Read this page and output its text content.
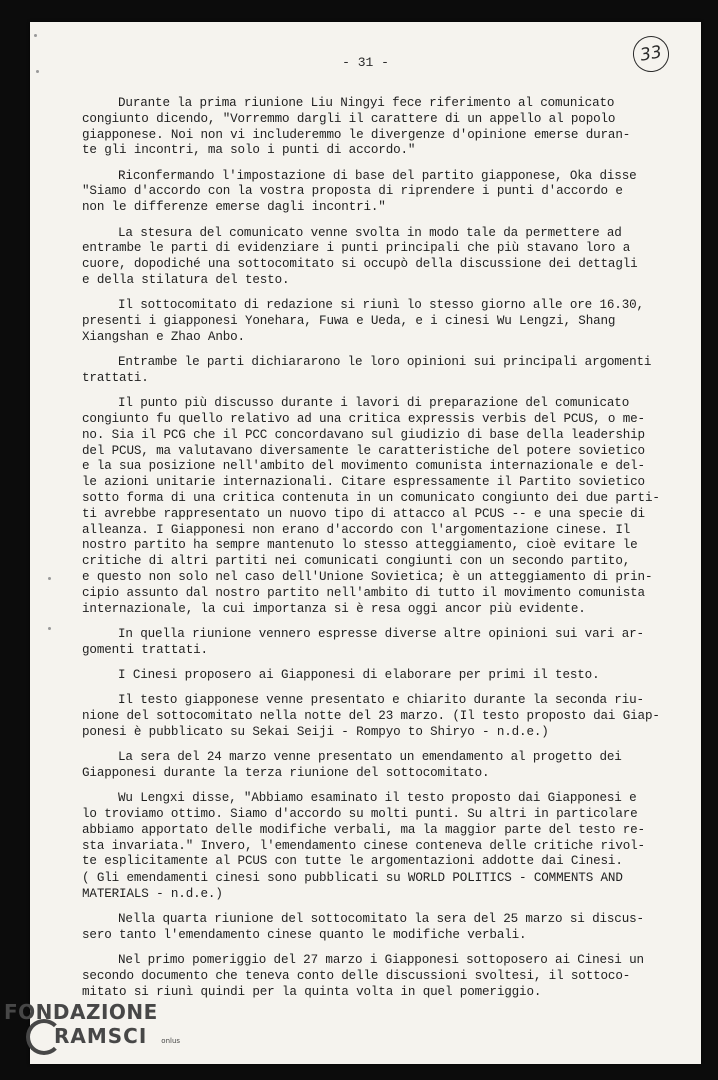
- 31 -	33

Durante la prima riunione Liu Ningyi fece riferimento al comunicato
congiunto dicendo, "Vorremmo dargli il carattere di un appello al popolo
giapponese. Noi non vi includeremmo le divergenze d'opinione emerse duran-
te gli incontri, ma solo i punti di accordo."

Riconfermando l'impostazione di base del partito giapponese, Oka disse
"Siamo d'accordo con la vostra proposta di riprendere i punti d'accordo e
non le differenze emerse dagli incontri."

La stesura del comunicato venne svolta in modo tale da permettere ad
entrambe le parti di evidenziare i punti principali che più stavano loro a
cuore, dopodiché una sottocomitato si occupò della discussione dei dettagli
e della stilatura del testo.

Il sottocomitato di redazione si riunì lo stesso giorno alle ore 16.30,
presenti i giapponesi Yonehara, Fuwa e Ueda, e i cinesi Wu Lengzi, Shang
Xiangshan e Zhao Anbo.

Entrambe le parti dichiararono le loro opinioni sui principali argomenti
trattati.

Il punto più discusso durante i lavori di preparazione del comunicato
congiunto fu quello relativo ad una critica expressis verbis del PCUS, o me-
no. Sia il PCG che il PCC concordavano sul giudizio di base della leadership
del PCUS, ma valutavano diversamente le caratteristiche del potere sovietico
e la sua posizione nell'ambito del movimento comunista internazionale e del-
le azioni unitarie internazionali. Citare espressamente il Partito sovietico
sotto forma di una critica contenuta in un comunicato congiunto dei due parti-
ti avrebbe rappresentato un nuovo tipo di attacco al PCUS -- e una specie di
alleanza. I Giapponesi non erano d'accordo con l'argomentazione cinese. Il
nostro partito ha sempre mantenuto lo stesso atteggiamento, cioè evitare le
critiche di altri partiti nei comunicati congiunti con un secondo partito,
e questo non solo nel caso dell'Unione Sovietica; è un atteggiamento di prin-
cipio assunto dal nostro partito nell'ambito di tutto il movimento comunista
internazionale, la cui importanza si è resa oggi ancor più evidente.

In quella riunione vennero espresse diverse altre opinioni sui vari ar-
gomenti trattati.

I Cinesi proposero ai Giapponesi di elaborare per primi il testo.

Il testo giapponese venne presentato e chiarito durante la seconda riu-
nione del sottocomitato nella notte del 23 marzo. (Il testo proposto dai Giap-
ponesi è pubblicato su Sekai Seiji - Rompyo to Shiryo - n.d.e.)

La sera del 24 marzo venne presentato un emendamento al progetto dei
Giapponesi durante la terza riunione del sottocomitato.

Wu Lengxi disse, "Abbiamo esaminato il testo proposto dai Giapponesi e
lo troviamo ottimo. Siamo d'accordo su molti punti. Su altri in particolare
abbiamo apportato delle modifiche verbali, ma la maggior parte del testo re-
sta invariata." Invero, l'emendamento cinese conteneva delle critiche rivol-
te esplicitamente al PCUS con tutte le argomentazioni addotte dai Cinesi.

( Gli emendamenti cinesi sono pubblicati su WORLD POLITICS - COMMENTS AND
MATERIALS - n.d.e.)

Nella quarta riunione del sottocomitato la sera del 25 marzo si discus-
sero tanto l'emendamento cinese quanto le modifiche verbali.

Nel primo pomeriggio del 27 marzo i Giapponesi sottoposero ai Cinesi un
secondo documento che teneva conto delle discussioni svoltesi, il sottoco-
mitato si riunì quindi per la quinta volta in quel pomeriggio.

FONDAZIONE
RAMSCI onlus
